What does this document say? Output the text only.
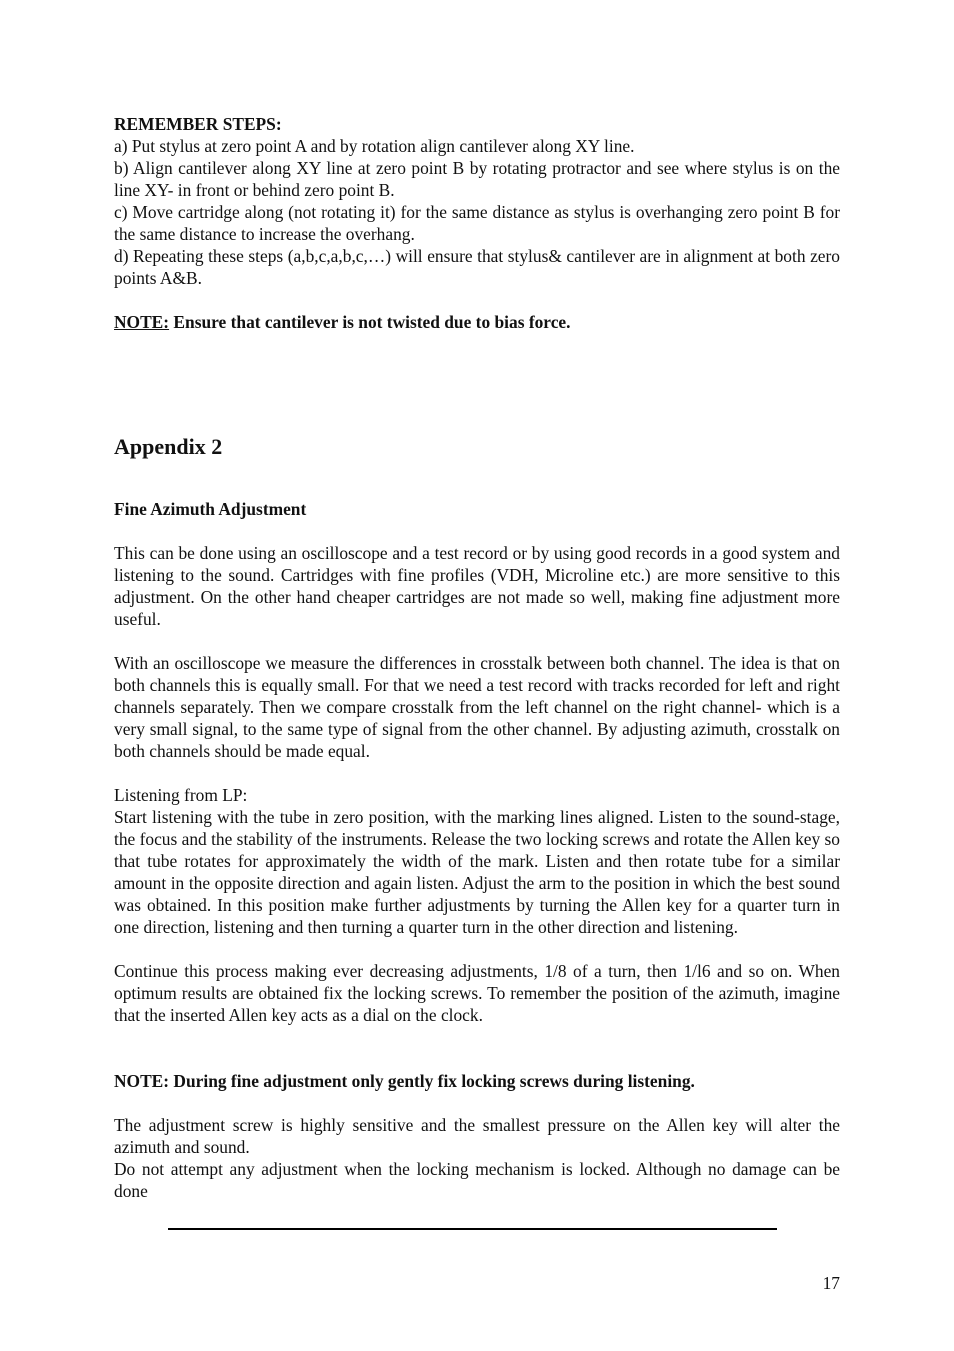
REMEMBER STEPS:

a) Put stylus at zero point A and by rotation align cantilever along XY line.

b) Align cantilever along XY line at zero point B by rotating protractor and see where stylus is on the line XY- in front or behind zero point B.

c) Move cartridge along (not rotating it) for the same distance as stylus is overhanging zero point B for the same distance to increase the overhang.

d) Repeating these steps (a,b,c,a,b,c,…) will ensure that stylus& cantilever are in alignment at both zero points A&B.

NOTE: Ensure that cantilever is not twisted due to bias force.

Appendix 2

Fine Azimuth Adjustment

This can be done using an oscilloscope and a test record or by using good records in a good system and listening to the sound. Cartridges with fine profiles (VDH, Microline etc.) are more sensitive to this adjustment. On the other hand cheaper cartridges are not made so well, making fine adjustment more useful.

With an oscilloscope we measure the differences in crosstalk between both channel. The idea is that on both channels this is equally small. For that we need a test record with tracks recorded for left and right channels separately. Then we compare crosstalk from the left channel on the right channel- which is a very small signal, to the same type of signal from the other channel. By adjusting azimuth, crosstalk on both channels should be made equal.

Listening from LP:

Start listening with the tube in zero position, with the marking lines aligned. Listen to the sound-stage, the focus and the stability of the instruments. Release the two locking screws and rotate the Allen key so that tube rotates for approximately the width of the mark. Listen and then rotate tube for a similar amount in the opposite direction and again listen. Adjust the arm to the position in which the best sound was obtained. In this position make further adjustments by turning the Allen key for a quarter turn in one direction, listening and then turning a quarter turn in the other direction and listening.

Continue this process making ever decreasing adjustments, 1/8 of a turn, then 1/l6 and so on. When optimum results are obtained fix the locking screws. To remember the position of the azimuth, imagine that the inserted Allen key acts as a dial on the clock.

NOTE: During fine adjustment only gently fix locking screws during listening.

The adjustment screw is highly sensitive and the smallest pressure on the Allen key will alter the azimuth and sound.

Do not attempt any adjustment when the locking mechanism is locked. Although no damage can be done

17
